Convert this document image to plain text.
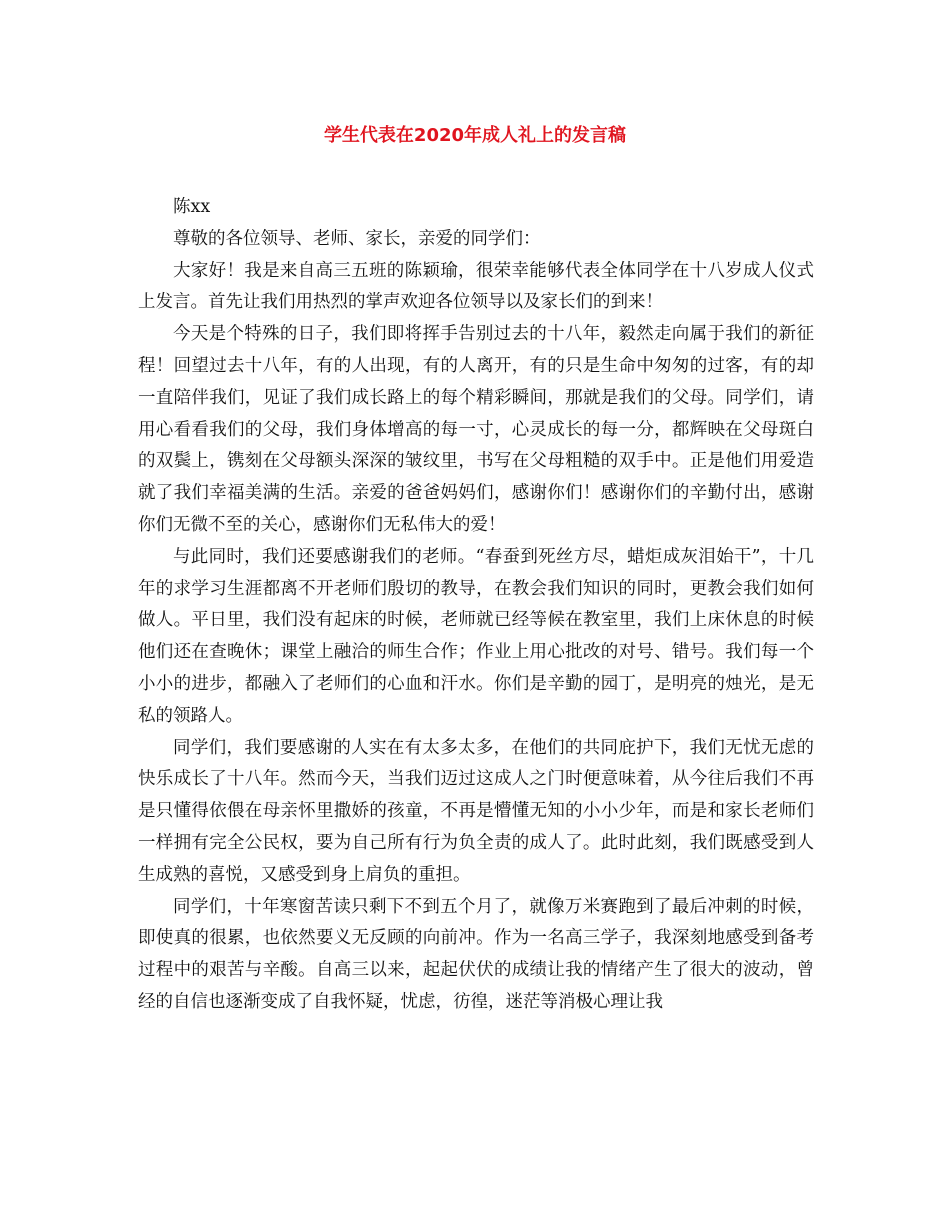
学生代表在2020年成人礼上的发言稿

陈xx

尊敬的各位领导、老师、家长，亲爱的同学们：

大家好！我是来自高三五班的陈颖瑜，很荣幸能够代表全体同学在十八岁成人仪式上发言。首先让我们用热烈的掌声欢迎各位领导以及家长们的到来！

今天是个特殊的日子，我们即将挥手告别过去的十八年，毅然走向属于我们的新征程！回望过去十八年，有的人出现，有的人离开，有的只是生命中匆匆的过客，有的却一直陪伴我们，见证了我们成长路上的每个精彩瞬间，那就是我们的父母。同学们，请用心看看我们的父母，我们身体增高的每一寸，心灵成长的每一分，都辉映在父母斑白的双鬓上，镌刻在父母额头深深的皱纹里，书写在父母粗糙的双手中。正是他们用爱造就了我们幸福美满的生活。亲爱的爸爸妈妈们，感谢你们！感谢你们的辛勤付出，感谢你们无微不至的关心，感谢你们无私伟大的爱！

与此同时，我们还要感谢我们的老师。“春蚕到死丝方尽，蜡炬成灰泪始干”，十几年的求学习生涯都离不开老师们殷切的教导，在教会我们知识的同时，更教会我们如何做人。平日里，我们没有起床的时候，老师就已经等候在教室里，我们上床休息的时候他们还在查晚休；课堂上融洽的师生合作；作业上用心批改的对号、错号。我们每一个小小的进步，都融入了老师们的心血和汗水。你们是辛勤的园丁，是明亮的烛光，是无私的领路人。

同学们，我们要感谢的人实在有太多太多，在他们的共同庇护下，我们无忧无虑的快乐成长了十八年。然而今天，当我们迈过这成人之门时便意味着，从今往后我们不再是只懂得依偎在母亲怀里撒娇的孩童，不再是懵懂无知的小小少年，而是和家长老师们一样拥有完全公民权，要为自己所有行为负全责的成人了。此时此刻，我们既感受到人生成熟的喜悦，又感受到身上肩负的重担。

同学们，十年寒窗苦读只剩下不到五个月了，就像万米赛跑到了最后冲刺的时候，即使真的很累，也依然要义无反顾的向前冲。作为一名高三学子，我深刻地感受到备考过程中的艰苦与辛酸。自高三以来，起起伏伏的成绩让我的情绪产生了很大的波动，曾经的自信也逐渐变成了自我怀疑，忧虑，彷徨，迷茫等消极心理让我
